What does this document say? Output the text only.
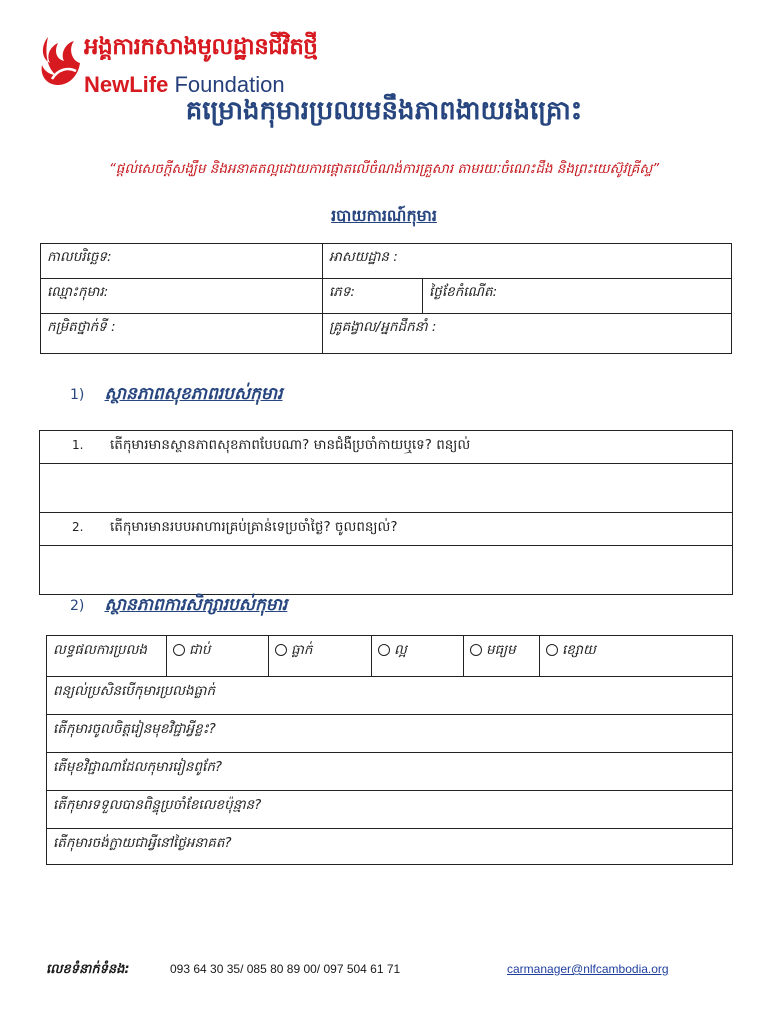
អង្គការកសាងមូលដ្ឋានជីវិតថ្មី
NewLife Foundation
គម្រោងកុមារប្រឈមនឹងភាពងាយរងគ្រោះ
“ផ្ដល់សេចក្ដីសង្ឃឹម និងអនាគតល្អដោយការផ្ដោតលើចំណង់ការគ្រួសារ តាមរយៈចំណេះដឹង និងព្រះយេស៊ូវគ្រីស្ទ”
របាយការណ៍កុមារ
កាលបរិច្ឆេទ:	អាសយដ្ឋាន :	
ឈ្មោះកុមារ:	ភេទ:	ថ្ងៃខែកំណើត:
កម្រិតថ្នាក់ទី :	គ្រូគង្វាល/អ្នកដឹកនាំ :	
1) ស្ថានភាពសុខភាពរបស់កុមារ
1. តើកុមារមានស្ថានភាពសុខភាពបែបណា? មានជំងឺប្រចាំកាយឬទេ? ពន្យល់

2. តើកុមារមានរបបអាហារគ្រប់គ្រាន់ទេប្រចាំថ្ងៃ? ចូលពន្យល់?

2) ស្ថានភាពការសិក្សារបស់កុមារ
លទ្ធផលការប្រលង	ជាប់	ធ្លាក់	ល្អ	មធ្យម	ខ្សោយ
ពន្យល់ប្រសិនបើកុមារប្រលងធ្លាក់
តើកុមារចូលចិត្តរៀនមុខវិជ្ជាអ្វីខ្លះ?
តើមុខវិជ្ជាណាដែលកុមាររៀនពូកែ?
តើកុមារទទួលបានពិន្ទុប្រចាំខែលេខប៉ុន្មាន?
តើកុមារចង់ក្លាយជាអ្វីនៅថ្ងៃអនាគត?
លេខទំនាក់ទំនង:	093 64 30 35/ 085 80 89 00/ 097 504 61 71	carmanager@nlfcambodia.org
